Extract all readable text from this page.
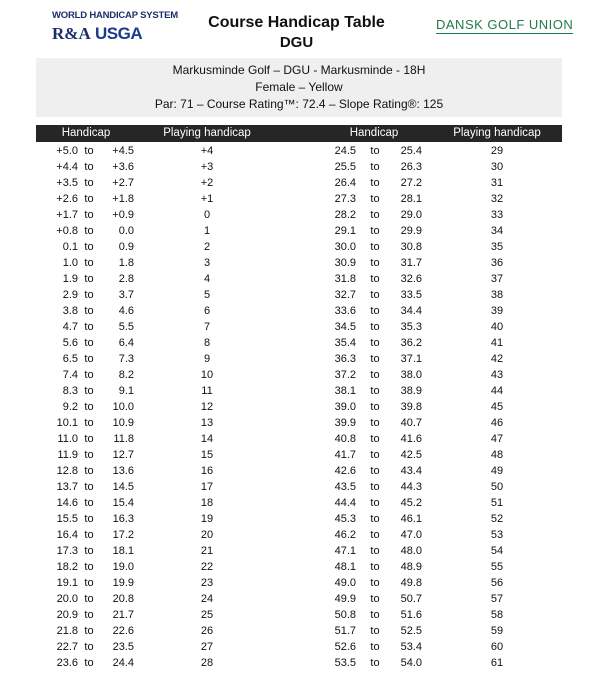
WORLD HANDICAP SYSTEM
R&A USGA
Course Handicap Table
DGU
DANSK GOLF UNION
Markusminde Golf – DGU - Markusminde - 18H
Female – Yellow
Par: 71 – Course Rating™: 72.4 – Slope Rating®: 125
Handicap	Playing handicap	Handicap	Playing handicap
+5.0 to	+4.5	+4	24.5 to	25.4	29
+4.4 to	+3.6	+3	25.5 to	26.3	30
+3.5 to	+2.7	+2	26.4 to	27.2	31
+2.6 to	+1.8	+1	27.3 to	28.1	32
+1.7 to	+0.9	0	28.2 to	29.0	33
+0.8 to	0.0	1	29.1 to	29.9	34
0.1 to	0.9	2	30.0 to	30.8	35
1.0 to	1.8	3	30.9 to	31.7	36
1.9 to	2.8	4	31.8 to	32.6	37
2.9 to	3.7	5	32.7 to	33.5	38
3.8 to	4.6	6	33.6 to	34.4	39
4.7 to	5.5	7	34.5 to	35.3	40
5.6 to	6.4	8	35.4 to	36.2	41
6.5 to	7.3	9	36.3 to	37.1	42
7.4 to	8.2	10	37.2 to	38.0	43
8.3 to	9.1	11	38.1 to	38.9	44
9.2 to	10.0	12	39.0 to	39.8	45
10.1 to	10.9	13	39.9 to	40.7	46
11.0 to	11.8	14	40.8 to	41.6	47
11.9 to	12.7	15	41.7 to	42.5	48
12.8 to	13.6	16	42.6 to	43.4	49
13.7 to	14.5	17	43.5 to	44.3	50
14.6 to	15.4	18	44.4 to	45.2	51
15.5 to	16.3	19	45.3 to	46.1	52
16.4 to	17.2	20	46.2 to	47.0	53
17.3 to	18.1	21	47.1 to	48.0	54
18.2 to	19.0	22	48.1 to	48.9	55
19.1 to	19.9	23	49.0 to	49.8	56
20.0 to	20.8	24	49.9 to	50.7	57
20.9 to	21.7	25	50.8 to	51.6	58
21.8 to	22.6	26	51.7 to	52.5	59
22.7 to	23.5	27	52.6 to	53.4	60
23.6 to	24.4	28	53.5 to	54.0	61
